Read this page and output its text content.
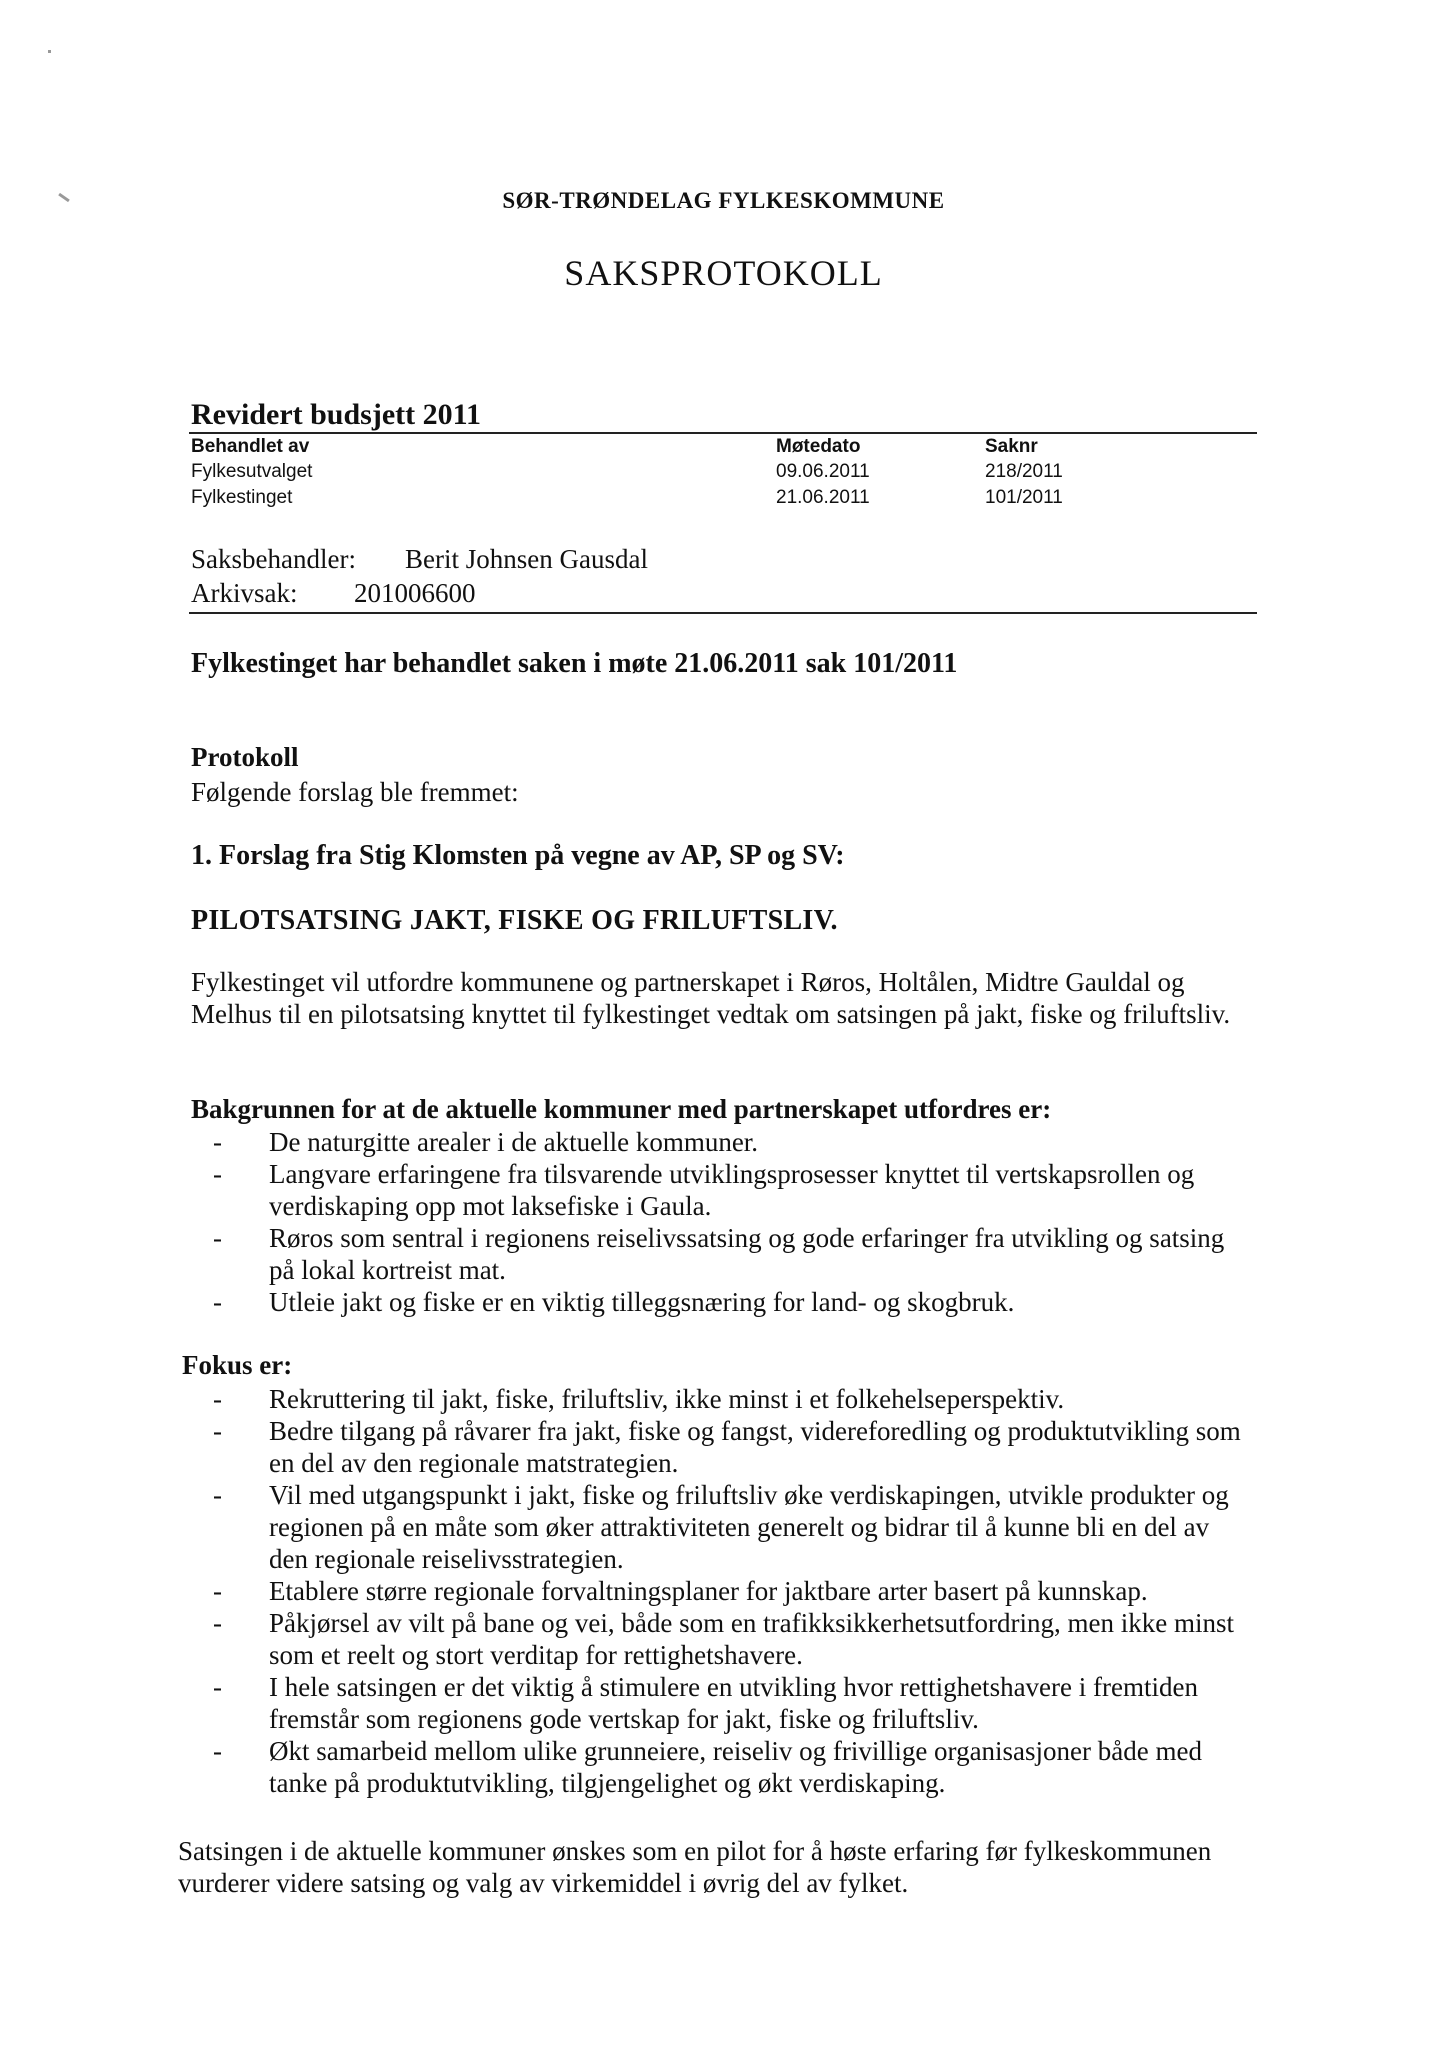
SØR-TRØNDELAG FYLKESKOMMUNE
SAKSPROTOKOLL
Revidert budsjett 2011
Behandlet av	Møtedato	Saknr
Fylkesutvalget	09.06.2011	218/2011
Fylkestinget	21.06.2011	101/2011
Saksbehandler: Berit Johnsen Gausdal
Arkivsak: 201006600
Fylkestinget har behandlet saken i møte 21.06.2011 sak 101/2011
Protokoll
Følgende forslag ble fremmet:
1. Forslag fra Stig Klomsten på vegne av AP, SP og SV:
PILOTSATSING JAKT, FISKE OG FRILUFTSLIV.
Fylkestinget vil utfordre kommunene og partnerskapet i Røros, Holtålen, Midtre Gauldal og Melhus til en pilotsatsing knyttet til fylkestinget vedtak om satsingen på jakt, fiske og friluftsliv.
Bakgrunnen for at de aktuelle kommuner med partnerskapet utfordres er:
- De naturgitte arealer i de aktuelle kommuner.
- Langvare erfaringene fra tilsvarende utviklingsprosesser knyttet til vertskapsrollen og verdiskaping opp mot laksefiske i Gaula.
- Røros som sentral i regionens reiselivssatsing og gode erfaringer fra utvikling og satsing på lokal kortreist mat.
- Utleie jakt og fiske er en viktig tilleggsnæring for land- og skogbruk.
Fokus er:
- Rekruttering til jakt, fiske, friluftsliv, ikke minst i et folkehelseperspektiv.
- Bedre tilgang på råvarer fra jakt, fiske og fangst, videreforedling og produktutvikling som en del av den regionale matstrategien.
- Vil med utgangspunkt i jakt, fiske og friluftsliv øke verdiskapingen, utvikle produkter og regionen på en måte som øker attraktiviteten generelt og bidrar til å kunne bli en del av den regionale reiselivsstrategien.
- Etablere større regionale forvaltningsplaner for jaktbare arter basert på kunnskap.
- Påkjørsel av vilt på bane og vei, både som en trafikksikkerhetsutfordring, men ikke minst som et reelt og stort verditap for rettighetshavere.
- I hele satsingen er det viktig å stimulere en utvikling hvor rettighetshavere i fremtiden fremstår som regionens gode vertskap for jakt, fiske og friluftsliv.
- Økt samarbeid mellom ulike grunneiere, reiseliv og frivillige organisasjoner både med tanke på produktutvikling, tilgjengelighet og økt verdiskaping.
Satsingen i de aktuelle kommuner ønskes som en pilot for å høste erfaring før fylkeskommunen vurderer videre satsing og valg av virkemiddel i øvrig del av fylket.
